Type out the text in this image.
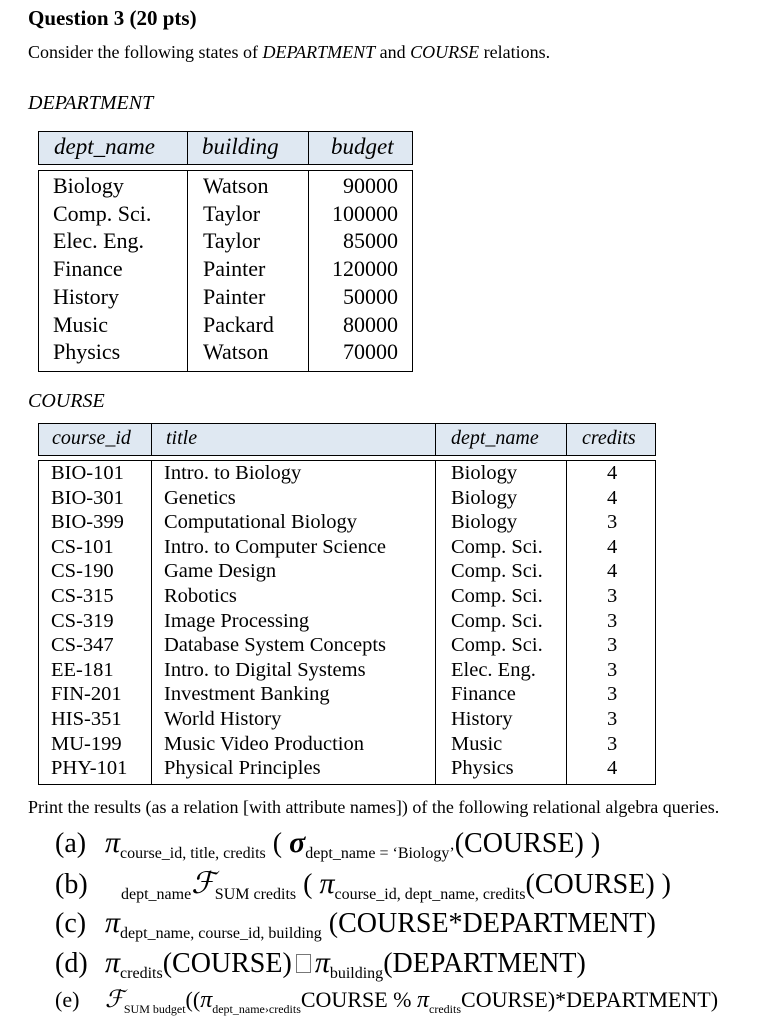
Question 3 (20 pts)
Consider the following states of DEPARTMENT and COURSE relations.
DEPARTMENT
dept_name building budget
Biology	Watson	90000
Comp. Sci. Taylor	100000
Elec. Eng.	Taylor	85000
Finance	Painter	120000
History	Painter	50000
Music	Packard	80000
Physics	Watson	70000
COURSE
course_id title	dept_name credits
BIO-101 Intro. to Biology	Biology	4
BIO-301 Genetics	Biology	4
BIO-399 Computational Biology	Biology	3
CS-101 Intro. to Computer Science	Comp. Sci.	4
CS-190 Game Design	Comp. Sci.	4
CS-315 Robotics	Comp. Sci.	3
CS-319 Image Processing	Comp. Sci.	3
CS-347 Database System Concepts	Comp. Sci.	3
EE-181 Intro. to Digital Systems	Elec. Eng.	3
FIN-201 Investment Banking	Finance	3
HIS-351 World History	History	3
MU-199 Music Video Production	Music	3
PHY-101 Physical Principles	Physics	4
Print the results (as a relation [with attribute names]) of the following relational algebra queries.
(a) $\pi_{course\_id, title, credits}$ ( $\sigma_{dept\_name = ‘Biology’}(COURSE)$ )
(b) $_{dept\_name}$ℱ$_{SUM credits}$ ( $\pi_{course\_id, dept\_name, credits}(COURSE)$ )
(c) $\pi_{dept\_name, course\_id, building}$ (COURSE*DEPARTMENT)
(d) $\pi_{credits}(COURSE)$ $\pi_{building}(DEPARTMENT)$
(e) $ℱ_{SUM budget}((\pi_{dept\_name›credits}COURSE$ % $\pi_{credits}COURSE)*DEPARTMENT$)
